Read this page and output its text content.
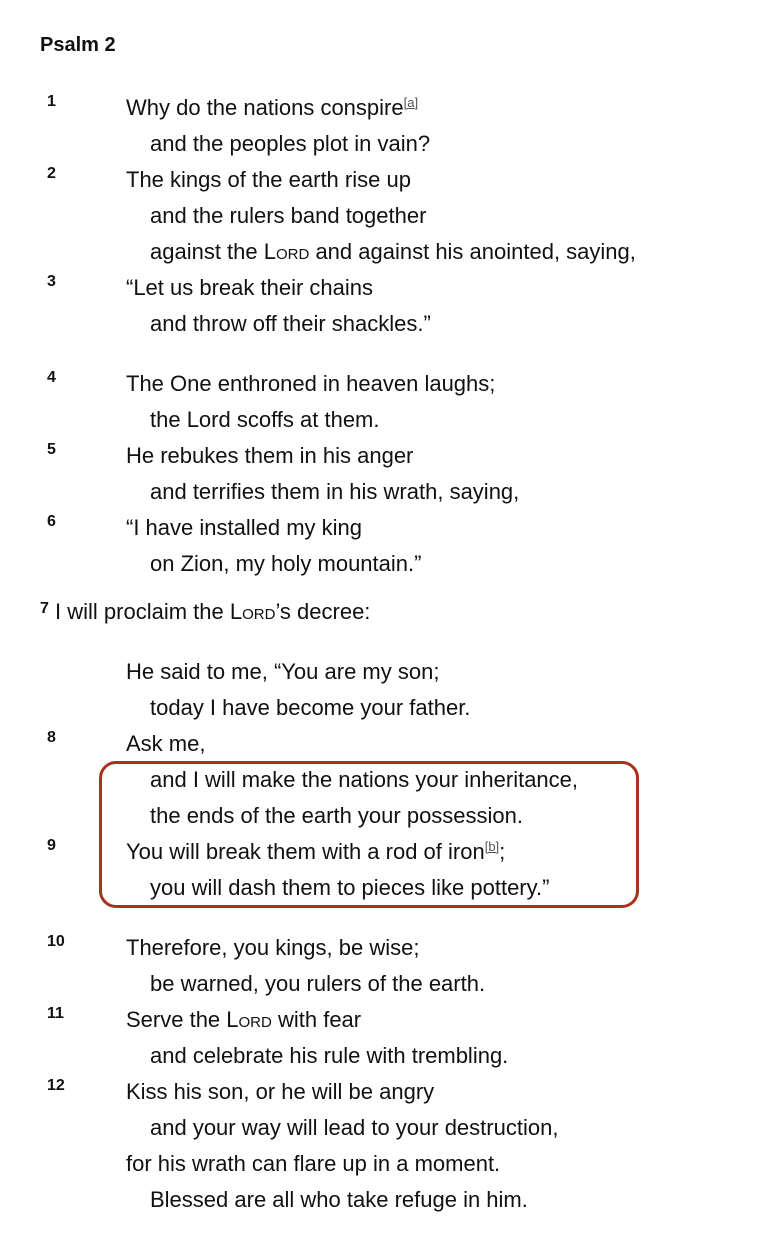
Psalm 2
1	Why do the nations conspire[a]
and the peoples plot in vain?
2	The kings of the earth rise up
and the rulers band together
against the Lord and against his anointed, saying,
3	“Let us break their chains
and throw off their shackles.”
4	The One enthroned in heaven laughs;
the Lord scoffs at them.
5	He rebukes them in his anger
and terrifies them in his wrath, saying,
6	“I have installed my king
on Zion, my holy mountain.”
$^7$ I will proclaim the Lord’s decree:
He said to me, “You are my son;
today I have become your father.
8	Ask me,
and I will make the nations your inheritance,
the ends of the earth your possession.
9	You will break them with a rod of iron[b];
you will dash them to pieces like pottery.”
10	Therefore, you kings, be wise;
be warned, you rulers of the earth.
11	Serve the Lord with fear
and celebrate his rule with trembling.
12	Kiss his son, or he will be angry
and your way will lead to your destruction,
for his wrath can flare up in a moment.
Blessed are all who take refuge in him.
